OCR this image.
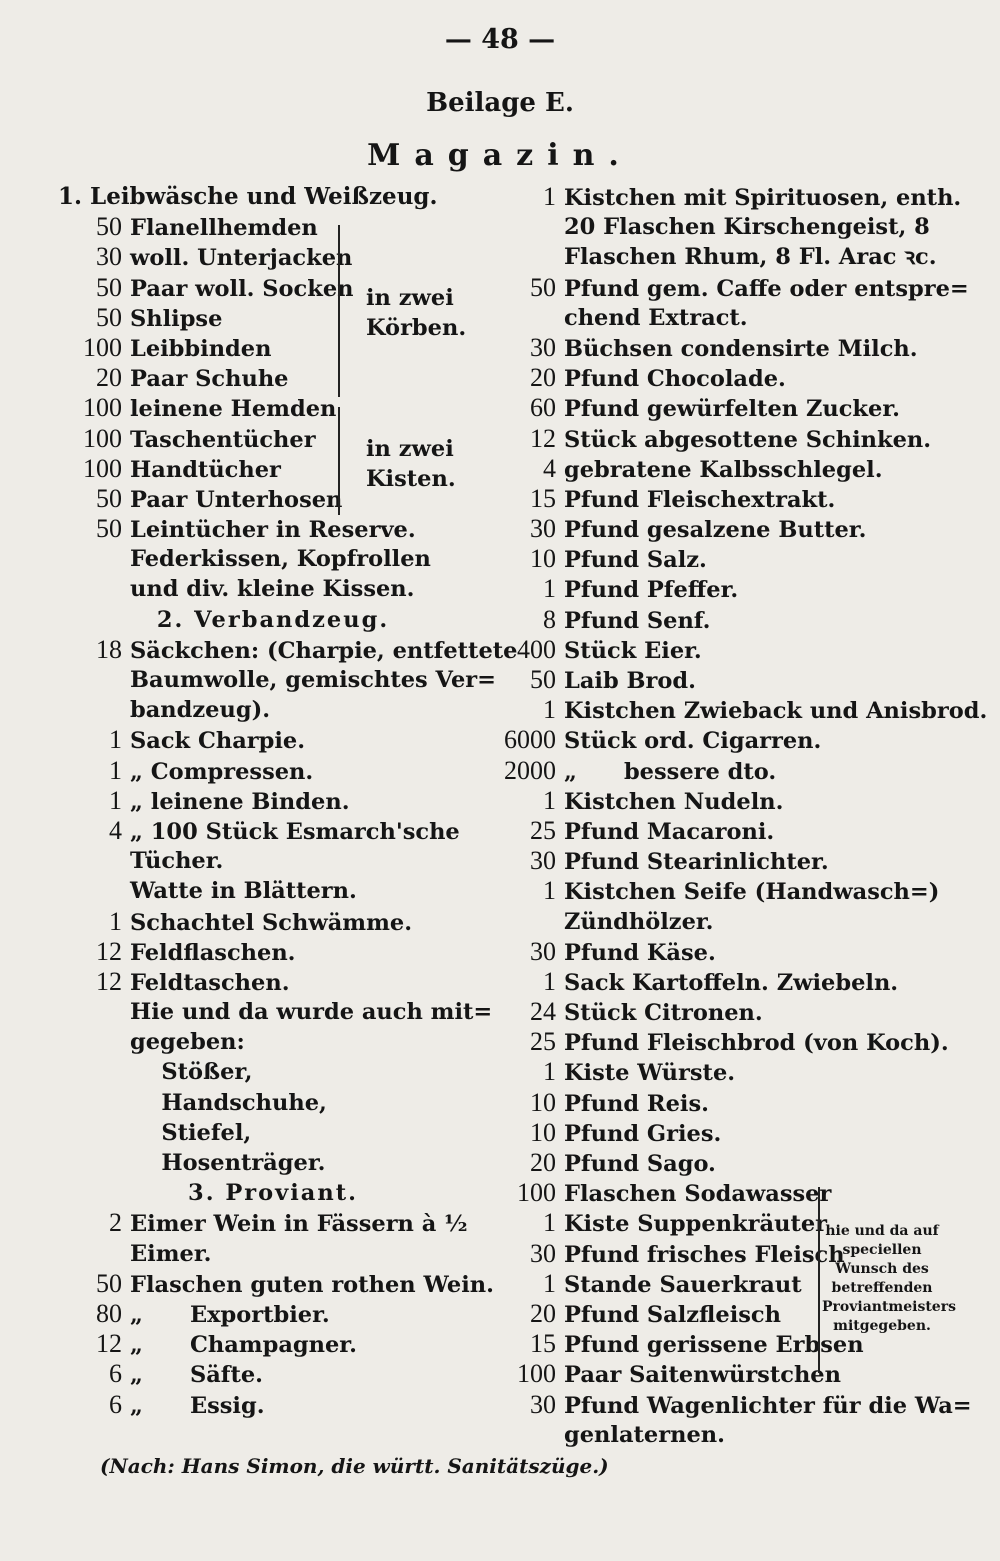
— 48 —
Beilage E.
Magazin.
1. Leibwäsche und Weißzeug.
50 Flanellhemden
30 woll. Unterjacken
50 Paar woll. Socken
50 Shlipse
100 Leibbinden
20 Paar Schuhe
100 leinene Hemden
100 Taschentücher
100 Handtücher
50 Paar Unterhosen
50 Leintücher in Reserve.
Federkissen, Kopfrollen
und div. kleine Kissen.
2. Verbandzeug.
18 Säckchen: (Charpie, entfettete
Baumwolle, gemischtes Ver=
bandzeug).
1 Sack Charpie.
1 „ Compressen.
1 „ leinene Binden.
4 „ 100 Stück Esmarch'sche
Tücher.
Watte in Blättern.
1 Schachtel Schwämme.
12 Feldflaschen.
12 Feldtaschen.
Hie und da wurde auch mit=
gegeben:
Stößer,
Handschuhe,
Stiefel,
Hosenträger.
3. Proviant.
2 Eimer Wein in Fässern à ½
Eimer.
50 Flaschen guten rothen Wein.
80 „      Exportbier.
12 „      Champagner.
6 „      Säfte.
6 „      Essig.
1 Kistchen mit Spirituosen, enth.
20 Flaschen Kirschengeist, 8
Flaschen Rhum, 8 Fl. Arac ꝛc.
50 Pfund gem. Caffe oder entspre=
chend Extract.
30 Büchsen condensirte Milch.
20 Pfund Chocolade.
60 Pfund gewürfelten Zucker.
12 Stück abgesottene Schinken.
4 gebratene Kalbsschlegel.
15 Pfund Fleischextrakt.
30 Pfund gesalzene Butter.
10 Pfund Salz.
1 Pfund Pfeffer.
8 Pfund Senf.
400 Stück Eier.
50 Laib Brod.
1 Kistchen Zwieback und Anisbrod.
6000 Stück ord. Cigarren.
2000 „      bessere dto.
1 Kistchen Nudeln.
25 Pfund Macaroni.
30 Pfund Stearinlichter.
1 Kistchen Seife (Handwasch=)
Zündhölzer.
30 Pfund Käse.
1 Sack Kartoffeln. Zwiebeln.
24 Stück Citronen.
25 Pfund Fleischbrod (von Koch).
1 Kiste Würste.
10 Pfund Reis.
10 Pfund Gries.
20 Pfund Sago.
100 Flaschen Sodawasser
1 Kiste Suppenkräuter
30 Pfund frisches Fleisch
1 Stande Sauerkraut
20 Pfund Salzfleisch
15 Pfund gerissene Erbsen
100 Paar Saitenwürstchen
30 Pfund Wagenlichter für die Wa=
genlaternen.
in zwei
Körben.
in zwei
Kisten.
hie und da auf speciellen Wunsch des betreffenden Proviantmeisters mitgegeben.
(Nach: Hans Simon, die württ. Sanitätszüge.)
